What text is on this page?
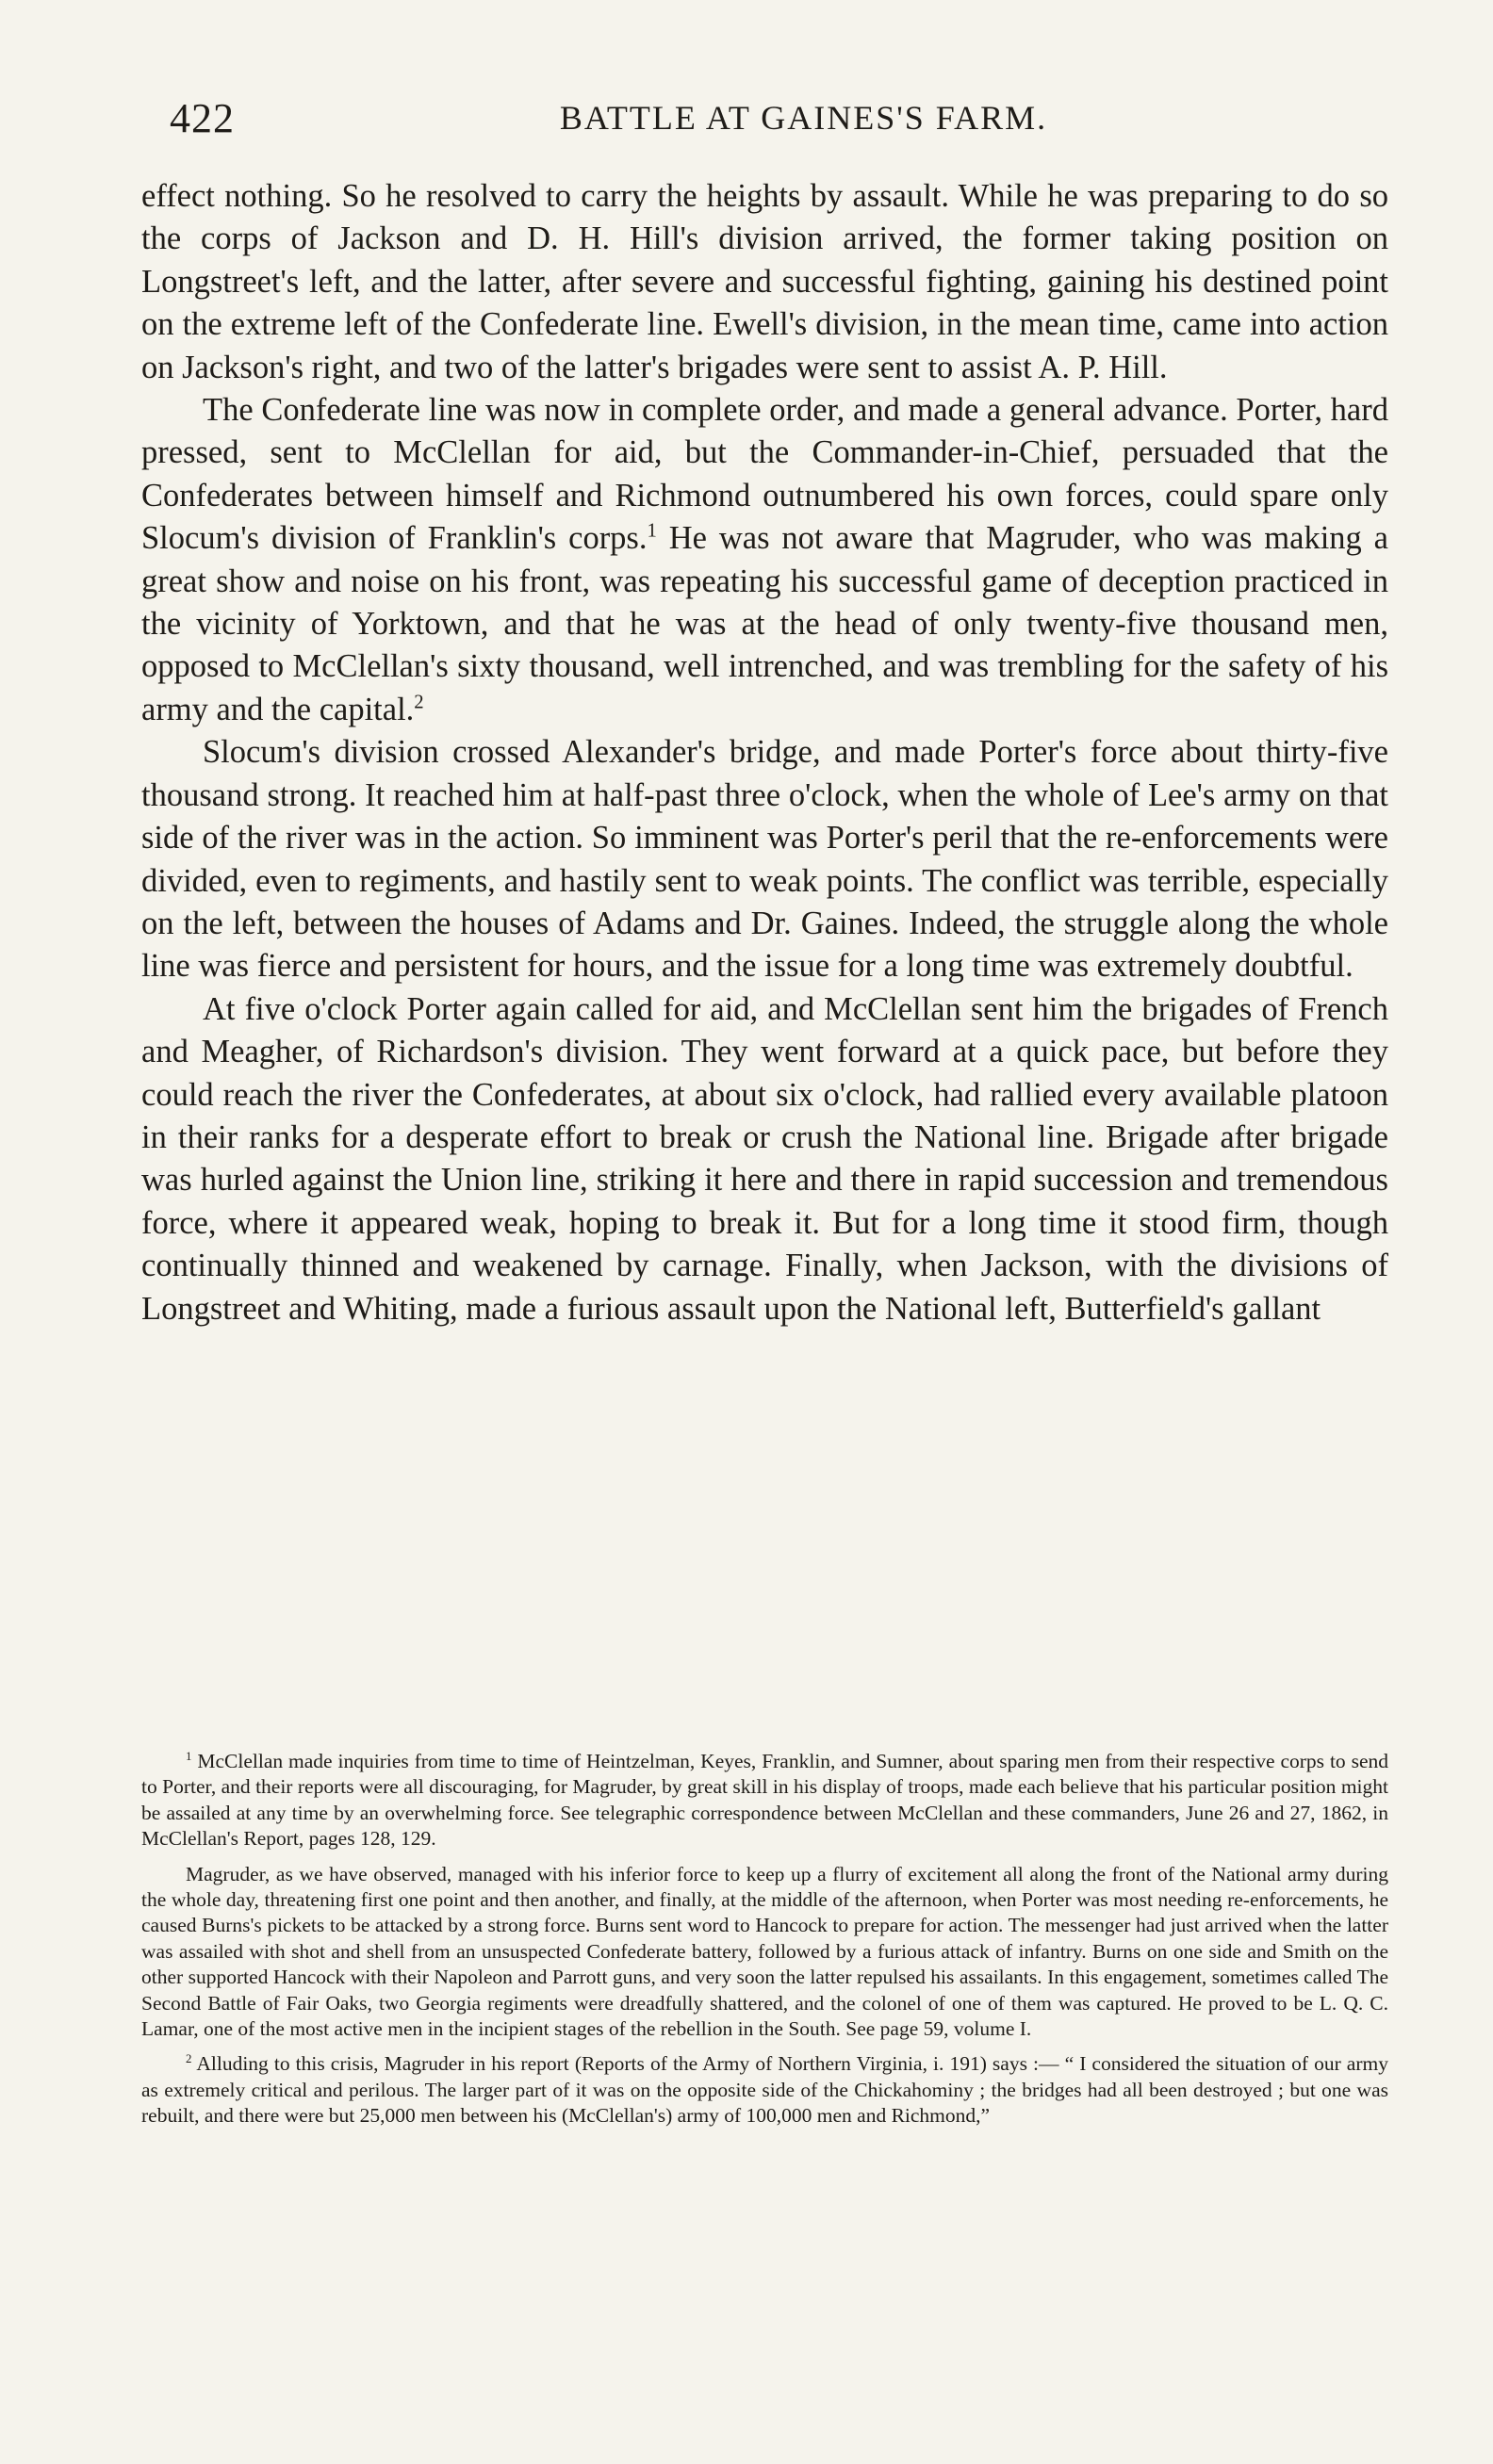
422	BATTLE AT GAINES'S FARM.

effect nothing. So he resolved to carry the heights by assault. While he was preparing to do so the corps of Jackson and D. H. Hill's division arrived, the former taking position on Longstreet's left, and the latter, after severe and successful fighting, gaining his destined point on the extreme left of the Confederate line. Ewell's division, in the mean time, came into action on Jackson's right, and two of the latter's brigades were sent to assist A. P. Hill.

The Confederate line was now in complete order, and made a general advance. Porter, hard pressed, sent to McClellan for aid, but the Commander-in-Chief, persuaded that the Confederates between himself and Richmond outnumbered his own forces, could spare only Slocum's division of Franklin's corps.$^1$ He was not aware that Magruder, who was making a great show and noise on his front, was repeating his successful game of deception practiced in the vicinity of Yorktown, and that he was at the head of only twenty-five thousand men, opposed to McClellan's sixty thousand, well intrenched, and was trembling for the safety of his army and the capital.$^2$

Slocum's division crossed Alexander's bridge, and made Porter's force about thirty-five thousand strong. It reached him at half-past three o'clock, when the whole of Lee's army on that side of the river was in the action. So imminent was Porter's peril that the re-enforcements were divided, even to regiments, and hastily sent to weak points. The conflict was terrible, especially on the left, between the houses of Adams and Dr. Gaines. Indeed, the struggle along the whole line was fierce and persistent for hours, and the issue for a long time was extremely doubtful.

At five o'clock Porter again called for aid, and McClellan sent him the brigades of French and Meagher, of Richardson's division. They went forward at a quick pace, but before they could reach the river the Confederates, at about six o'clock, had rallied every available platoon in their ranks for a desperate effort to break or crush the National line. Brigade after brigade was hurled against the Union line, striking it here and there in rapid succession and tremendous force, where it appeared weak, hoping to break it. But for a long time it stood firm, though continually thinned and weakened by carnage. Finally, when Jackson, with the divisions of Longstreet and Whiting, made a furious assault upon the National left, Butterfield's gallant

$^1$ McClellan made inquiries from time to time of Heintzelman, Keyes, Franklin, and Sumner, about sparing men from their respective corps to send to Porter, and their reports were all discouraging, for Magruder, by great skill in his display of troops, made each believe that his particular position might be assailed at any time by an overwhelming force. See telegraphic correspondence between McClellan and these commanders, June 26 and 27, 1862, in McClellan's Report, pages 128, 129.

Magruder, as we have observed, managed with his inferior force to keep up a flurry of excitement all along the front of the National army during the whole day, threatening first one point and then another, and finally, at the middle of the afternoon, when Porter was most needing re-enforcements, he caused Burns's pickets to be attacked by a strong force. Burns sent word to Hancock to prepare for action. The messenger had just arrived when the latter was assailed with shot and shell from an unsuspected Confederate battery, followed by a furious attack of infantry. Burns on one side and Smith on the other supported Hancock with their Napoleon and Parrott guns, and very soon the latter repulsed his assailants. In this engagement, sometimes called The Second Battle of Fair Oaks, two Georgia regiments were dreadfully shattered, and the colonel of one of them was captured. He proved to be L. Q. C. Lamar, one of the most active men in the incipient stages of the rebellion in the South. See page 59, volume I.

$^2$ Alluding to this crisis, Magruder in his report (Reports of the Army of Northern Virginia, i. 191) says :— “ I considered the situation of our army as extremely critical and perilous. The larger part of it was on the opposite side of the Chickahominy ; the bridges had all been destroyed ; but one was rebuilt, and there were but 25,000 men between his (McClellan's) army of 100,000 men and Richmond,”
